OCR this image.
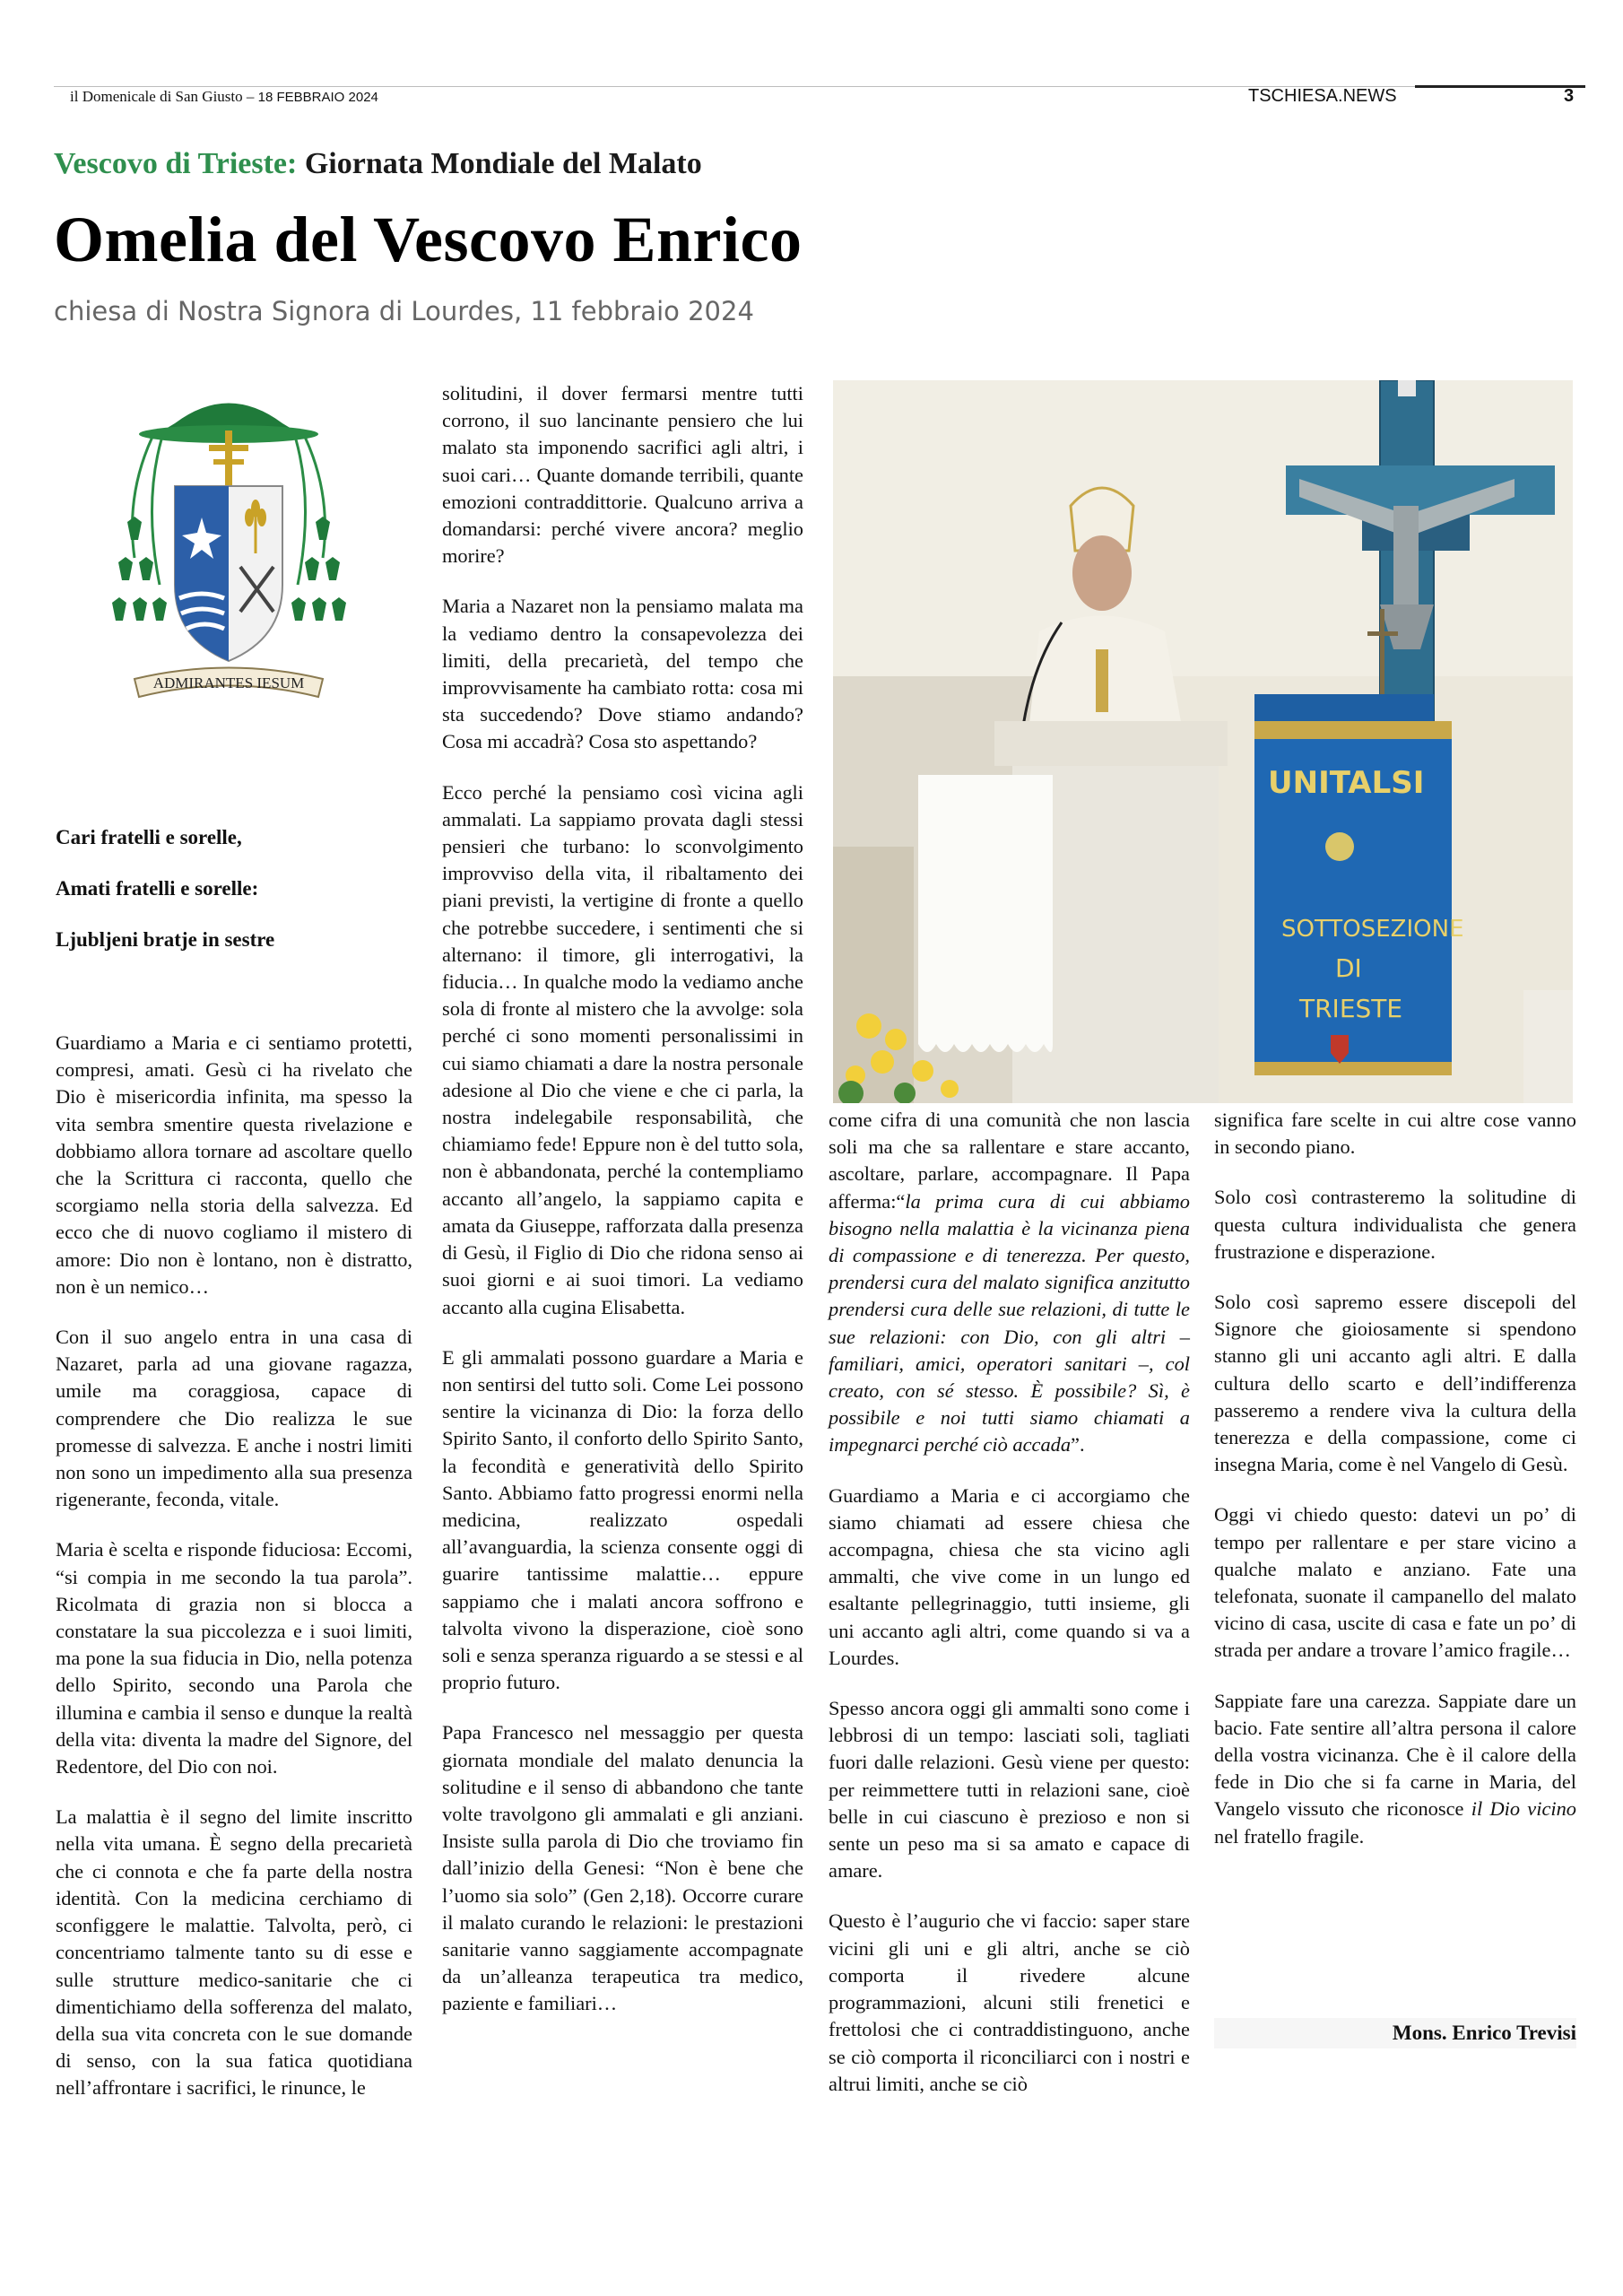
il Domenicale di San Giusto – 18 FEBBRAIO 2024	TSCHIESA.NEWS	3
Vescovo di Trieste: Giornata Mondiale del Malato
Omelia del Vescovo Enrico
chiesa di Nostra Signora di Lourdes, 11 febbraio 2024
ADMIRANTES IESUM
Cari fratelli e sorelle,
Amati fratelli e sorelle:
Ljubljeni bratje in sestre

Guardiamo a Maria e ci sentiamo protetti, compresi, amati. Gesù ci ha rivelato che Dio è misericordia infinita, ma spesso la vita sembra smentire questa rivelazione e dobbiamo allora tornare ad ascoltare quello che la Scrittura ci racconta, quello che scorgiamo nella storia della salvezza. Ed ecco che di nuovo cogliamo il mistero di amore: Dio non è lontano, non è distratto, non è un nemico…

Con il suo angelo entra in una casa di Nazaret, parla ad una giovane ragazza, umile ma coraggiosa, capace di comprendere che Dio realizza le sue promesse di salvezza. E anche i nostri limiti non sono un impedimento alla sua presenza rigenerante, feconda, vitale.

Maria è scelta e risponde fiduciosa: Eccomi, “si compia in me secondo la tua parola”. Ricolmata di grazia non si blocca a constatare la sua piccolezza e i suoi limiti, ma pone la sua fiducia in Dio, nella potenza dello Spirito, secondo una Parola che illumina e cambia il senso e dunque la realtà della vita: diventa la madre del Signore, del Redentore, del Dio con noi.

La malattia è il segno del limite inscritto nella vita umana. È segno della precarietà che ci connota e che fa parte della nostra identità. Con la medicina cerchiamo di sconfiggere le malattie. Talvolta, però, ci concentriamo talmente tanto su di esse e sulle strutture medico-sanitarie che ci dimentichiamo della sofferenza del malato, della sua vita concreta con le sue domande di senso, con la sua fatica quotidiana nell’affrontare i sacrifici, le rinunce, le

solitudini, il dover fermarsi mentre tutti corrono, il suo lancinante pensiero che lui malato sta imponendo sacrifici agli altri, i suoi cari… Quante domande terribili, quante emozioni contraddittorie. Qualcuno arriva a domandarsi: perché vivere ancora? meglio morire?

Maria a Nazaret non la pensiamo malata ma la vediamo dentro la consapevolezza dei limiti, della precarietà, del tempo che improvvisamente ha cambiato rotta: cosa mi sta succedendo? Dove stiamo andando? Cosa mi accadrà? Cosa sto aspettando?

Ecco perché la pensiamo così vicina agli ammalati. La sappiamo provata dagli stessi pensieri che turbano: lo sconvolgimento improvviso della vita, il ribaltamento dei piani previsti, la vertigine di fronte a quello che potrebbe succedere, i sentimenti che si alternano: il timore, gli interrogativi, la fiducia… In qualche modo la vediamo anche sola di fronte al mistero che la avvolge: sola perché ci sono momenti personalissimi in cui siamo chiamati a dare la nostra personale adesione al Dio che viene e che ci parla, la nostra indelegabile responsabilità, che chiamiamo fede! Eppure non è del tutto sola, non è abbandonata, perché la contempliamo accanto all’angelo, la sappiamo capita e amata da Giuseppe, rafforzata dalla presenza di Gesù, il Figlio di Dio che ridona senso ai suoi giorni e ai suoi timori. La vediamo accanto alla cugina Elisabetta.

E gli ammalati possono guardare a Maria e non sentirsi del tutto soli. Come Lei possono sentire la vicinanza di Dio: la forza dello Spirito Santo, il conforto dello Spirito Santo, la fecondità e generatività dello Spirito Santo. Abbiamo fatto progressi enormi nella medicina, realizzato ospedali all’avanguardia, la scienza consente oggi di guarire tantissime malattie… eppure sappiamo che i malati ancora soffrono e talvolta vivono la disperazione, cioè sono soli e senza speranza riguardo a se stessi e al proprio futuro.

Papa Francesco nel messaggio per questa giornata mondiale del malato denuncia la solitudine e il senso di abbandono che tante volte travolgono gli ammalati e gli anziani. Insiste sulla parola di Dio che troviamo fin dall’inizio della Genesi: “Non è bene che l’uomo sia solo” (Gen 2,18). Occorre curare il malato curando le relazioni: le prestazioni sanitarie vanno saggiamente accompagnate da un’alleanza terapeutica tra medico, paziente e familiari…

UNITALSI
SOTTOSEZIONE
DI
TRIESTE

come cifra di una comunità che non lascia soli ma che sa rallentare e stare accanto, ascoltare, parlare, accompagnare. Il Papa afferma:“la prima cura di cui abbiamo bisogno nella malattia è la vicinanza piena di compassione e di tenerezza. Per questo, prendersi cura del malato significa anzitutto prendersi cura delle sue relazioni, di tutte le sue relazioni: con Dio, con gli altri – familiari, amici, operatori sanitari –, col creato, con sé stesso. È possibile? Sì, è possibile e noi tutti siamo chiamati a impegnarci perché ciò accada”.

Guardiamo a Maria e ci accorgiamo che siamo chiamati ad essere chiesa che accompagna, chiesa che sta vicino agli ammalti, che vive come in un lungo ed esaltante pellegrinaggio, tutti insieme, gli uni accanto agli altri, come quando si va a Lourdes.

Spesso ancora oggi gli ammalti sono come i lebbrosi di un tempo: lasciati soli, tagliati fuori dalle relazioni. Gesù viene per questo: per reimmettere tutti in relazioni sane, cioè belle in cui ciascuno è prezioso e non si sente un peso ma si sa amato e capace di amare.

Questo è l’augurio che vi faccio: saper stare vicini gli uni e gli altri, anche se ciò comporta il rivedere alcune programmazioni, alcuni stili frenetici e frettolosi che ci contraddistinguono, anche se ciò comporta il riconciliarci con i nostri e altrui limiti, anche se ciò

significa fare scelte in cui altre cose vanno in secondo piano.

Solo così contrasteremo la solitudine di questa cultura individualista che genera frustrazione e disperazione.

Solo così sapremo essere discepoli del Signore che gioiosamente si spendono stanno gli uni accanto agli altri. E dalla cultura dello scarto e dell’indifferenza passeremo a rendere viva la cultura della tenerezza e della compassione, come ci insegna Maria, come è nel Vangelo di Gesù.

Oggi vi chiedo questo: datevi un po’ di tempo per rallentare e per stare vicino a qualche malato e anziano. Fate una telefonata, suonate il campanello del malato vicino di casa, uscite di casa e fate un po’ di strada per andare a trovare l’amico fragile…

Sappiate fare una carezza. Sappiate dare un bacio. Fate sentire all’altra persona il calore della vostra vicinanza. Che è il calore della fede in Dio che si fa carne in Maria, del Vangelo vissuto che riconosce il Dio vicino nel fratello fragile.

Mons. Enrico Trevisi
